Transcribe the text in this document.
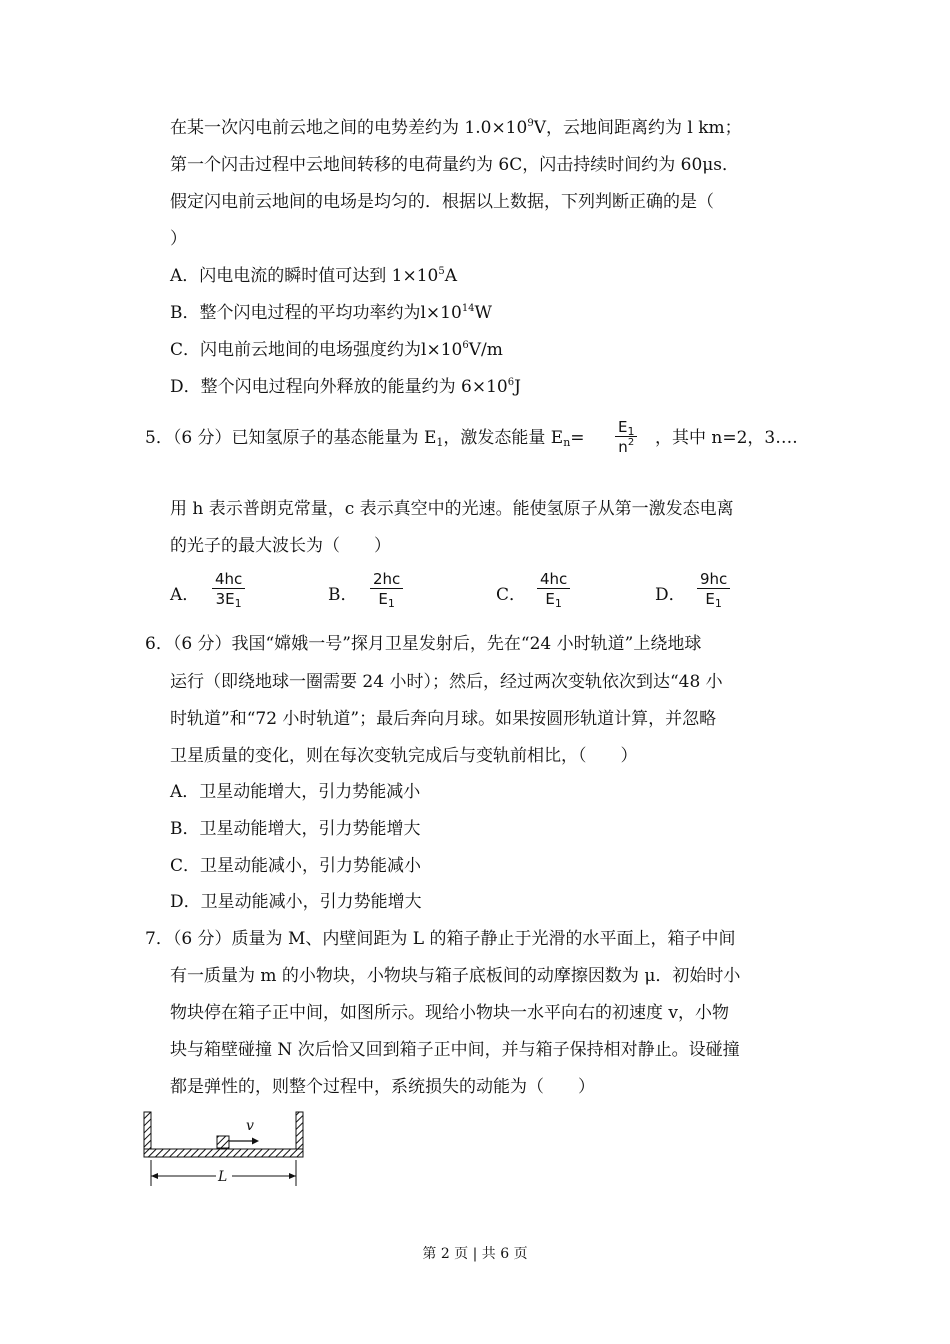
在某一次闪电前云地之间的电势差约为 $1.0\times 10^9V$，云地间距离约为 l km；
第一个闪击过程中云地间转移的电荷量约为 6C，闪击持续时间约为 60μs．
假定闪电前云地间的电场是均匀的．根据以上数据，下列判断正确的是（
）
A．闪电电流的瞬时值可达到 $1\times 10^5A$
B．整个闪电过程的平均功率约为$l\times 10^{14}W$
C．闪电前云地间的电场强度约为$l\times 10^6V/m$
D．整个闪电过程向外释放的能量约为 $6\times 10^6J$
5．（6 分）已知氢原子的基态能量为 $E_1$，激发态能量 $E_n= \frac{E_1}{n^2}$ ，其中 n=2，3….
用 h 表示普朗克常量，c 表示真空中的光速。能使氢原子从第一激发态电离
的光子的最大波长为（　　）
A． $\frac{4hc}{3E_1}$	B． $\frac{2hc}{E_1}$	C． $\frac{4hc}{E_1}$	D． $\frac{9hc}{E_1}$
6．（6 分）我国“嫦娥一号”探月卫星发射后，先在“24 小时轨道”上绕地球
运行（即绕地球一圈需要 24 小时）；然后，经过两次变轨依次到达“48 小
时轨道”和“72 小时轨道”；最后奔向月球。如果按圆形轨道计算，并忽略
卫星质量的变化，则在每次变轨完成后与变轨前相比，（　　）
A．卫星动能增大，引力势能减小
B．卫星动能增大，引力势能增大
C．卫星动能减小，引力势能减小
D．卫星动能减小，引力势能增大
7．（6 分）质量为 M、内壁间距为 L 的箱子静止于光滑的水平面上，箱子中间
有一质量为 m 的小物块，小物块与箱子底板间的动摩擦因数为 μ．初始时小
物块停在箱子正中间，如图所示。现给小物块一水平向右的初速度 v，小物
块与箱壁碰撞 N 次后恰又回到箱子正中间，并与箱子保持相对静止。设碰撞
都是弹性的，则整个过程中，系统损失的动能为（　　）
v
L
第 2 页 | 共 6 页
